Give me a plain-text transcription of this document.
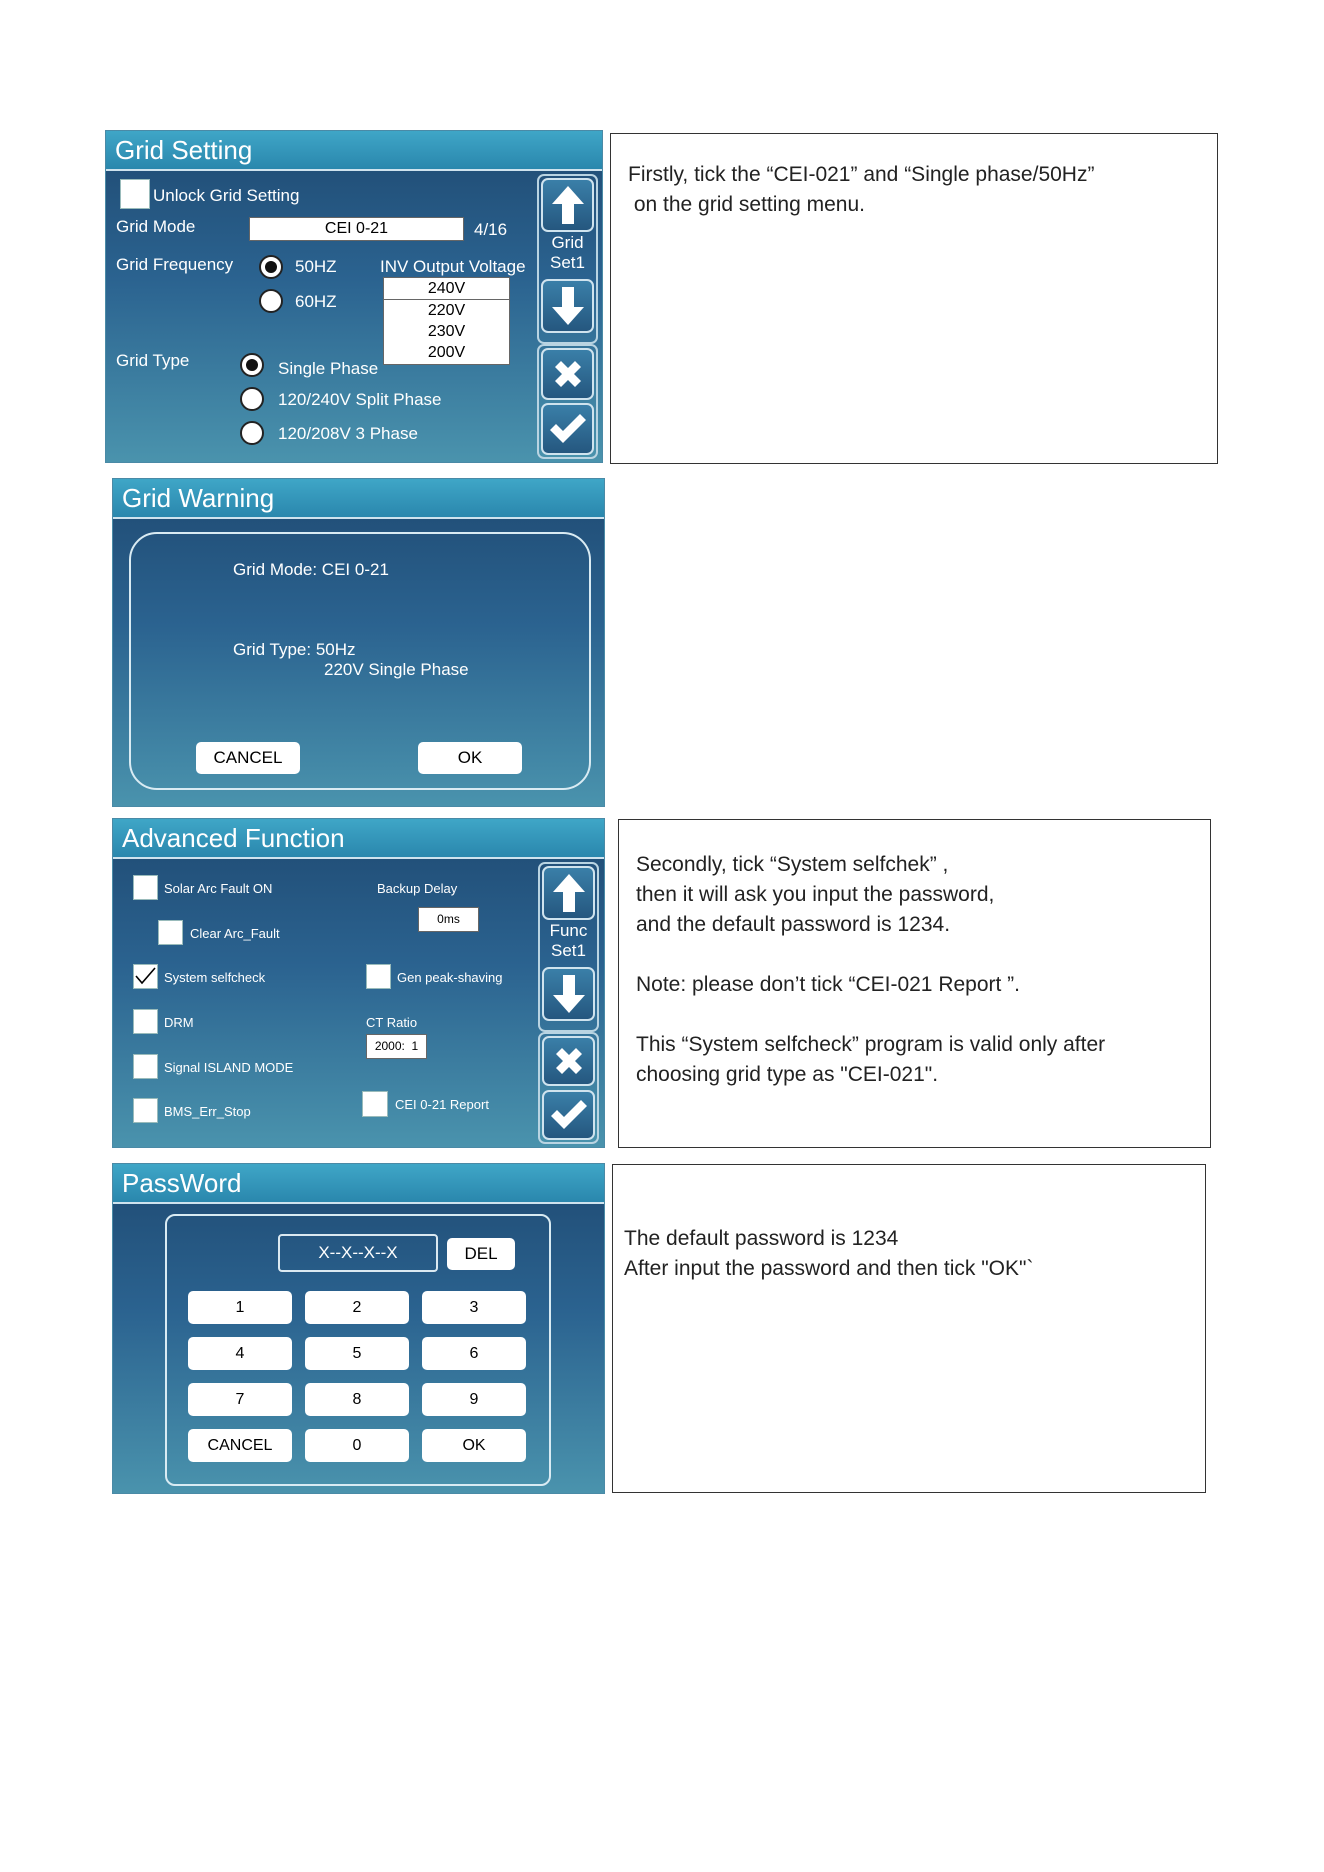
Grid Setting
Unlock Grid Setting
Grid Mode	CEI 0-21	4/16
Grid Frequency	50HZ
60HZ
INV Output Voltage
240V
220V
230V
200V
Grid Type	Single Phase
120/240V Split Phase
120/208V 3 Phase
Grid
Set1

Firstly, tick the “CEI-021” and “Single phase/50Hz”

on the grid setting menu.

Grid Warning
Grid Mode: CEI 0-21
Grid Type: 50Hz
220V Single Phase
CANCEL	OK
Advanced Function
Solar Arc Fault ON
Clear Arc_Fault
System selfcheck
DRM
Signal ISLAND MODE
BMS_Err_Stop
Backup Delay
0ms
Gen peak-shaving
CT Ratio
2000:  1
CEI 0-21 Report
Func
Set1

Secondly, tick “System selfchek” ,

then it will ask you input the password,

and the default password is 1234.

Note: please don’t tick “CEI-021 Report ”.

This “System selfcheck” program is valid only after

choosing grid type as "CEI-021".

PassWord
X--X--X--X	DEL
1	2	3
4	5	6
7	8	9
CANCEL	0	OK

The default password is 1234

After input the password and then tick "OK"`
